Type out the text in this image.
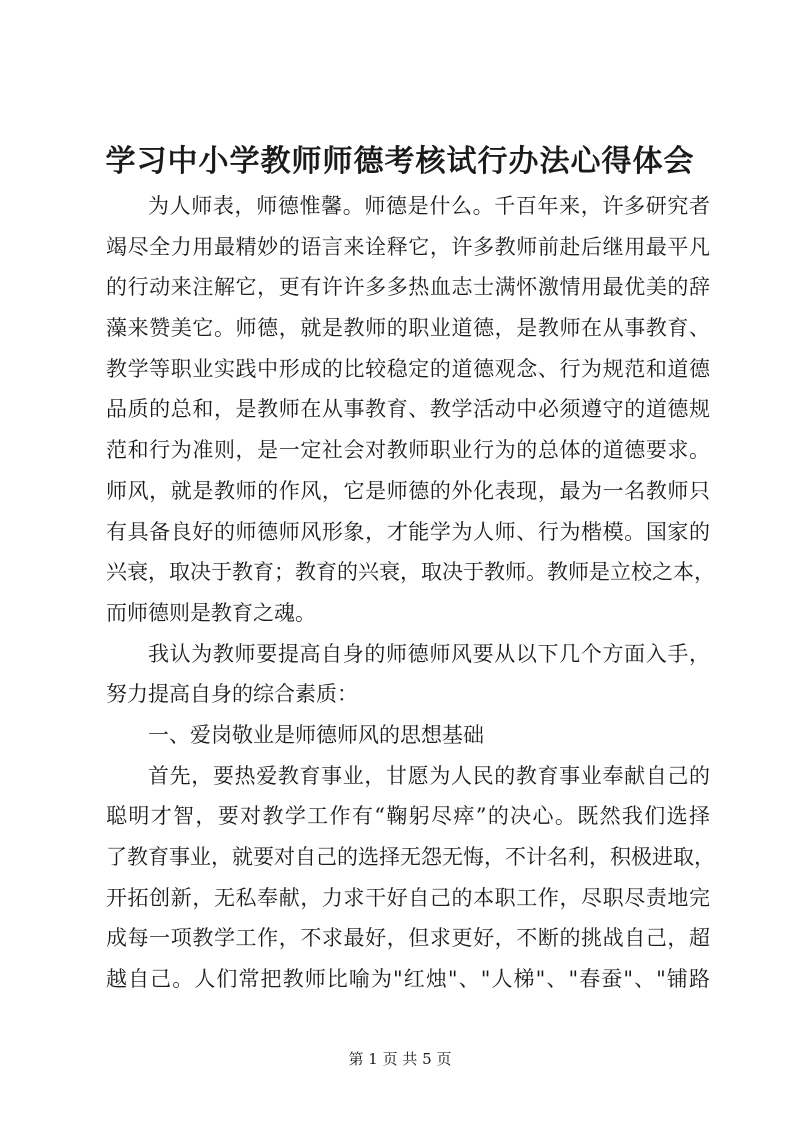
学习中小学教师师德考核试行办法心得体会
为人师表，师德惟馨。师德是什么。千百年来，许多研究者
竭尽全力用最精妙的语言来诠释它，许多教师前赴后继用最平凡
的行动来注解它，更有许许多多热血志士满怀激情用最优美的辞
藻来赞美它。师德，就是教师的职业道德，是教师在从事教育、
教学等职业实践中形成的比较稳定的道德观念、行为规范和道德
品质的总和，是教师在从事教育、教学活动中必须遵守的道德规
范和行为准则，是一定社会对教师职业行为的总体的道德要求。
师风，就是教师的作风，它是师德的外化表现，最为一名教师只
有具备良好的师德师风形象，才能学为人师、行为楷模。国家的
兴衰，取决于教育；教育的兴衰，取决于教师。教师是立校之本，
而师德则是教育之魂。
我认为教师要提高自身的师德师风要从以下几个方面入手，
努力提高自身的综合素质：
一、爱岗敬业是师德师风的思想基础
首先，要热爱教育事业，甘愿为人民的教育事业奉献自己的
聪明才智，要对教学工作有“鞠躬尽瘁”的决心。既然我们选择
了教育事业，就要对自己的选择无怨无悔，不计名利，积极进取，
开拓创新，无私奉献，力求干好自己的本职工作，尽职尽责地完
成每一项教学工作，不求最好，但求更好，不断的挑战自己，超
越自己。人们常把教师比喻为"红烛"、"人梯"、"春蚕"、"铺路
第 1 页 共 5 页
